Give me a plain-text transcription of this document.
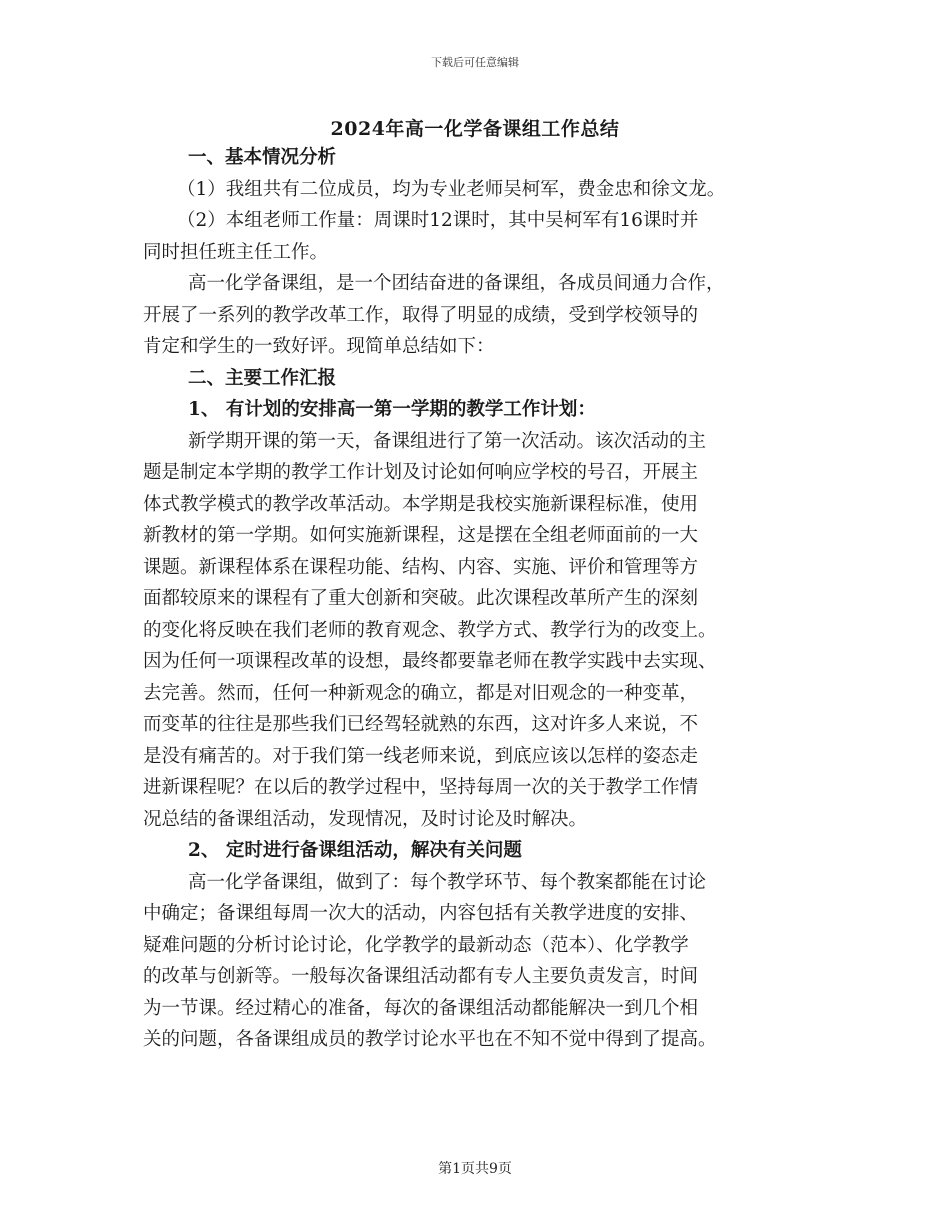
下载后可任意编辑
2024年高一化学备课组工作总结
一、基本情况分析
（1）我组共有二位成员，均为专业老师吴柯军，费金忠和徐文龙。
（2）本组老师工作量：周课时12课时，其中吴柯军有16课时并
同时担任班主任工作。
高一化学备课组，是一个团结奋进的备课组，各成员间通力合作，
开展了一系列的教学改革工作，取得了明显的成绩，受到学校领导的
肯定和学生的一致好评。现简单总结如下：
二、主要工作汇报
1、 有计划的安排高一第一学期的教学工作计划：
新学期开课的第一天，备课组进行了第一次活动。该次活动的主
题是制定本学期的教学工作计划及讨论如何响应学校的号召，开展主
体式教学模式的教学改革活动。本学期是我校实施新课程标准，使用
新教材的第一学期。如何实施新课程，这是摆在全组老师面前的一大
课题。新课程体系在课程功能、结构、内容、实施、评价和管理等方
面都较原来的课程有了重大创新和突破。此次课程改革所产生的深刻
的变化将反映在我们老师的教育观念、教学方式、教学行为的改变上。
因为任何一项课程改革的设想，最终都要靠老师在教学实践中去实现、
去完善。然而，任何一种新观念的确立，都是对旧观念的一种变革，
而变革的往往是那些我们已经驾轻就熟的东西，这对许多人来说，不
是没有痛苦的。对于我们第一线老师来说，到底应该以怎样的姿态走
进新课程呢？在以后的教学过程中，坚持每周一次的关于教学工作情
况总结的备课组活动，发现情况，及时讨论及时解决。
2、 定时进行备课组活动，解决有关问题
高一化学备课组，做到了：每个教学环节、每个教案都能在讨论
中确定；备课组每周一次大的活动，内容包括有关教学进度的安排、
疑难问题的分析讨论讨论，化学教学的最新动态（范本）、化学教学
的改革与创新等。一般每次备课组活动都有专人主要负责发言，时间
为一节课。经过精心的准备，每次的备课组活动都能解决一到几个相
关的问题，各备课组成员的教学讨论水平也在不知不觉中得到了提高。
第1页共9页
